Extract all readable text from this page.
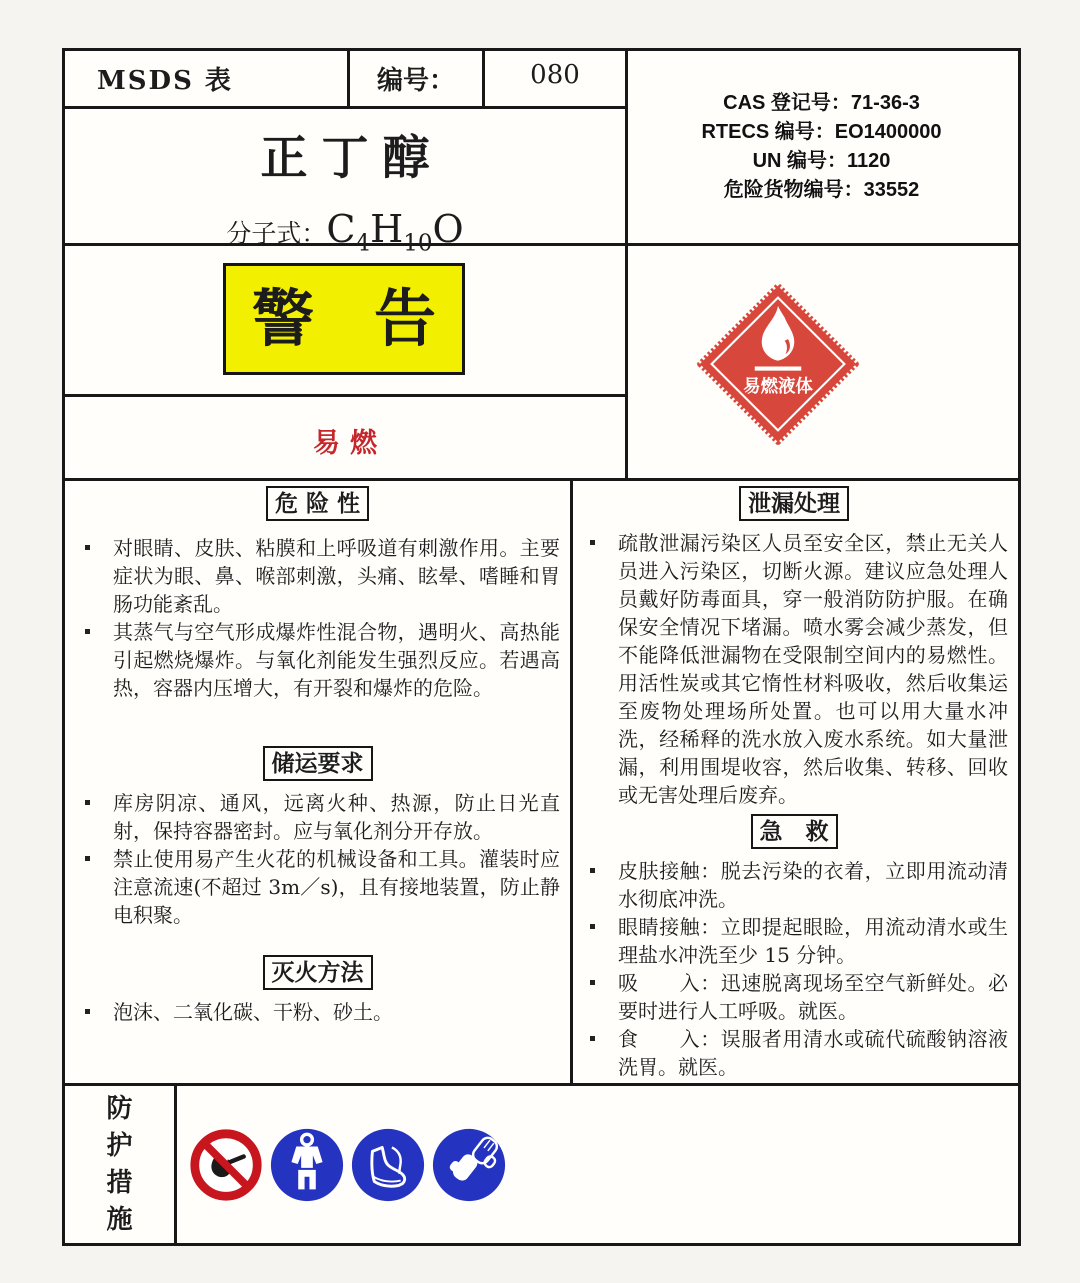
MSDS 表	编号：	080
CAS 登记号：71-36-3
RTECS 编号：EO1400000
UN 编号：1120
危险货物编号：33552
正丁醇
分子式：$C_4H_{10}O$
警 告
易燃
易燃液体
危 险 性
对眼睛、皮肤、粘膜和上呼吸道有刺激作用。主要症状为眼、鼻、喉部刺激，头痛、眩晕、嗜睡和胃肠功能紊乱。
其蒸气与空气形成爆炸性混合物，遇明火、高热能引起燃烧爆炸。与氧化剂能发生强烈反应。若遇高热，容器内压增大，有开裂和爆炸的危险。
储运要求
库房阴凉、通风，远离火种、热源，防止日光直射，保持容器密封。应与氧化剂分开存放。
禁止使用易产生火花的机械设备和工具。灌装时应注意流速(不超过 3m／s)，且有接地装置，防止静电积聚。
灭火方法
泡沫、二氧化碳、干粉、砂土。
泄漏处理
疏散泄漏污染区人员至安全区，禁止无关人员进入污染区，切断火源。建议应急处理人员戴好防毒面具，穿一般消防防护服。在确保安全情况下堵漏。喷水雾会减少蒸发，但不能降低泄漏物在受限制空间内的易燃性。用活性炭或其它惰性材料吸收，然后收集运至废物处理场所处置。也可以用大量水冲洗，经稀释的洗水放入废水系统。如大量泄漏，利用围堤收容，然后收集、转移、回收或无害处理后废弃。
急　救
皮肤接触：脱去污染的衣着，立即用流动清水彻底冲洗。
眼睛接触：立即提起眼睑，用流动清水或生理盐水冲洗至少 15 分钟。
吸　　入：迅速脱离现场至空气新鲜处。必要时进行人工呼吸。就医。
食　　入：误服者用清水或硫代硫酸钠溶液洗胃。就医。
防
护
措
施
